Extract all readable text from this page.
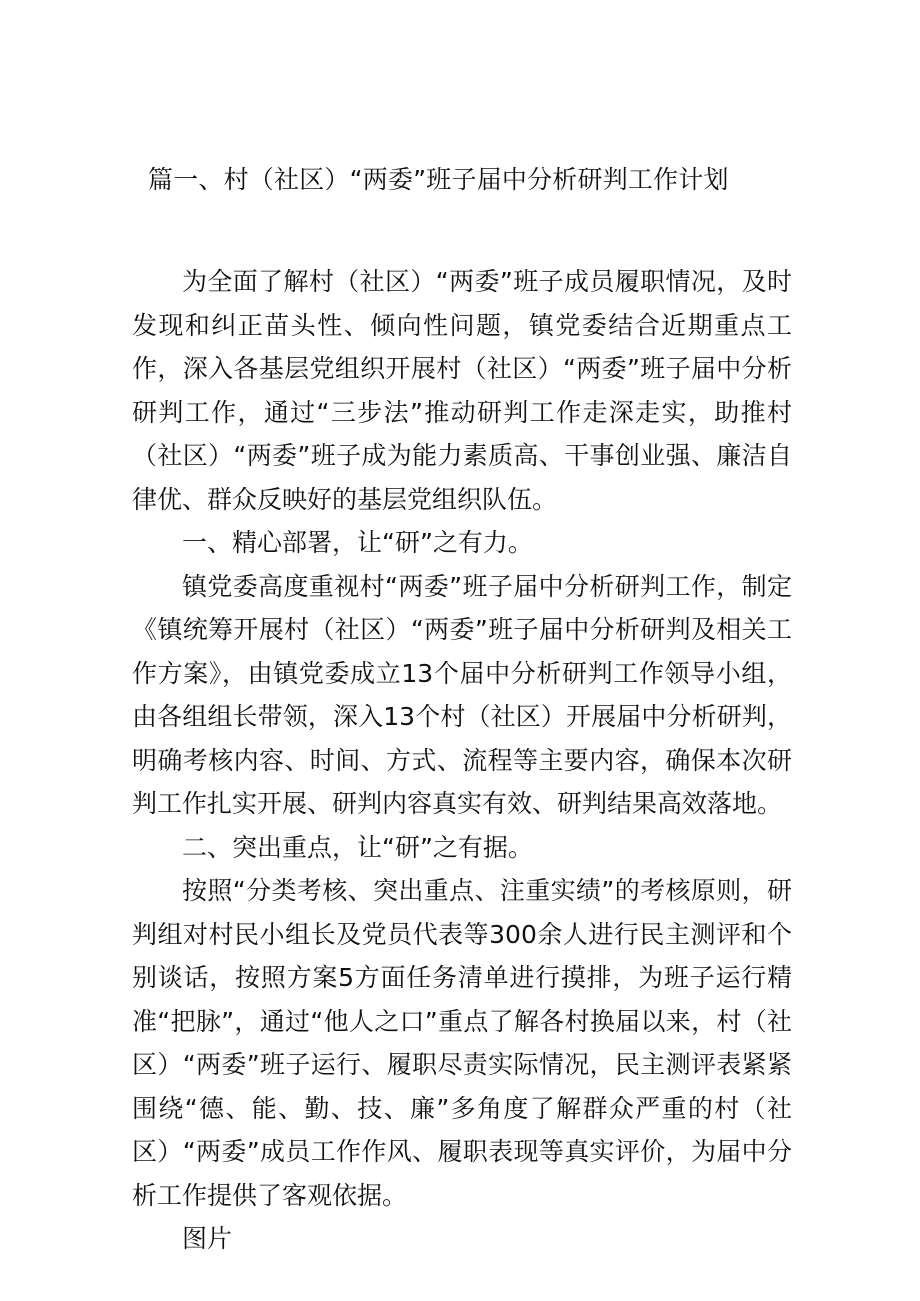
篇一、村（社区）“两委”班子届中分析研判工作计划

为全面了解村（社区）“两委”班子成员履职情况，及时发现和纠正苗头性、倾向性问题，镇党委结合近期重点工作，深入各基层党组织开展村（社区）“两委”班子届中分析研判工作，通过“三步法”推动研判工作走深走实，助推村（社区）“两委”班子成为能力素质高、干事创业强、廉洁自律优、群众反映好的基层党组织队伍。

一、精心部署，让“研”之有力。

镇党委高度重视村“两委”班子届中分析研判工作，制定《镇统筹开展村（社区）“两委”班子届中分析研判及相关工作方案》，由镇党委成立13个届中分析研判工作领导小组，由各组组长带领，深入13个村（社区）开展届中分析研判，明确考核内容、时间、方式、流程等主要内容，确保本次研判工作扎实开展、研判内容真实有效、研判结果高效落地。

二、突出重点，让“研”之有据。

按照“分类考核、突出重点、注重实绩”的考核原则，研判组对村民小组长及党员代表等300余人进行民主测评和个别谈话，按照方案5方面任务清单进行摸排，为班子运行精准“把脉”，通过“他人之口”重点了解各村换届以来，村（社区）“两委”班子运行、履职尽责实际情况，民主测评表紧紧围绕“德、能、勤、技、廉”多角度了解群众严重的村（社区）“两委”成员工作作风、履职表现等真实评价，为届中分析工作提供了客观依据。

图片
